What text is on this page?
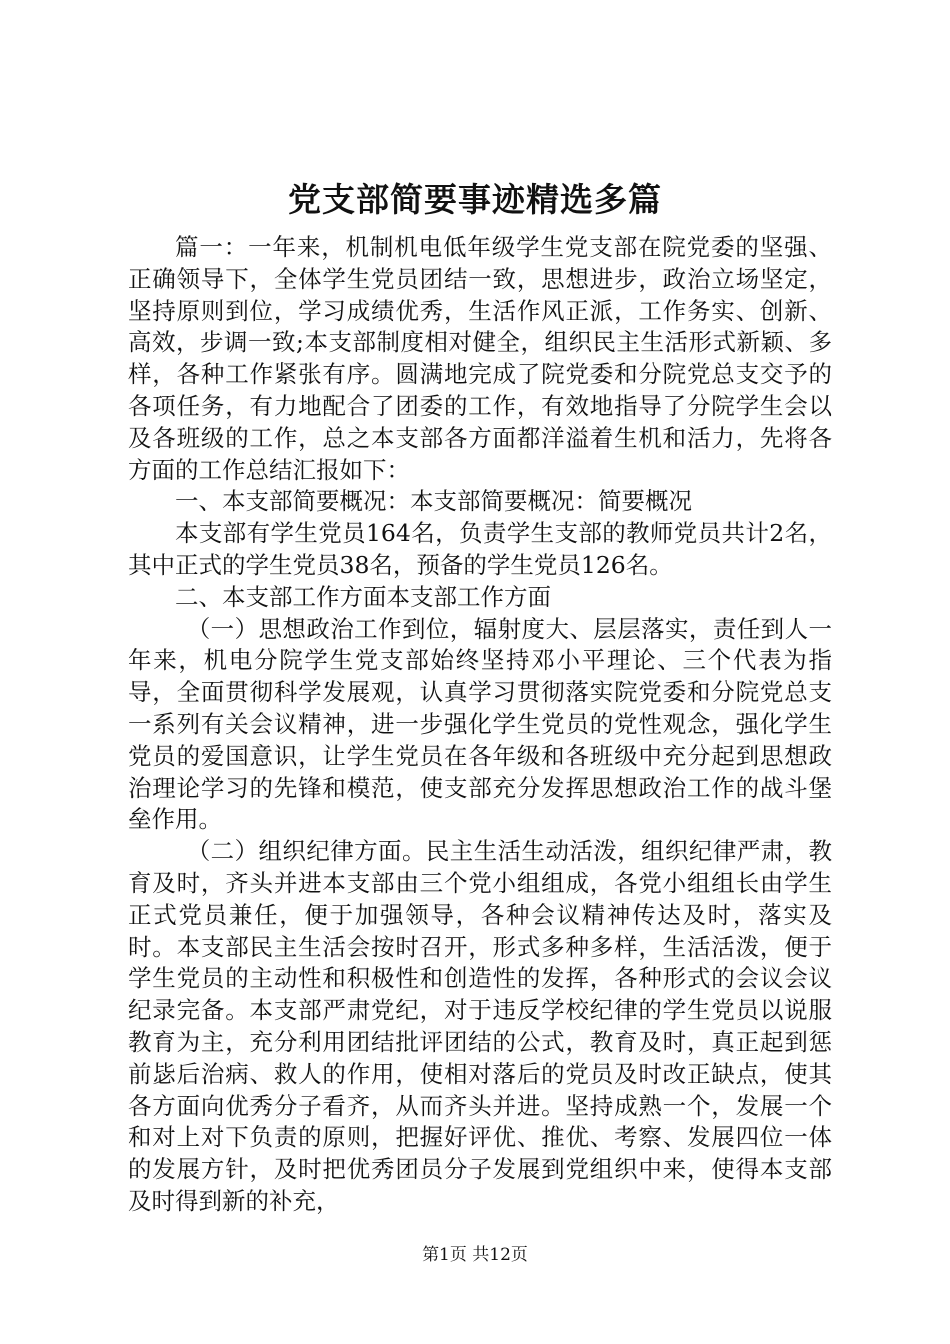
党支部简要事迹精选多篇

篇一：一年来，机制机电低年级学生党支部在院党委的坚强、正确领导下，全体学生党员团结一致，思想进步，政治立场坚定，坚持原则到位，学习成绩优秀，生活作风正派，工作务实、创新、高效，步调一致;本支部制度相对健全，组织民主生活形式新颖、多样，各种工作紧张有序。圆满地完成了院党委和分院党总支交予的各项任务，有力地配合了团委的工作，有效地指导了分院学生会以及各班级的工作，总之本支部各方面都洋溢着生机和活力，先将各方面的工作总结汇报如下：

一、本支部简要概况：本支部简要概况：简要概况

本支部有学生党员164名，负责学生支部的教师党员共计2名，其中正式的学生党员38名，预备的学生党员126名。

二、本支部工作方面本支部工作方面

（一）思想政治工作到位，辐射度大、层层落实，责任到人一年来，机电分院学生党支部始终坚持邓小平理论、三个代表为指导，全面贯彻科学发展观，认真学习贯彻落实院党委和分院党总支一系列有关会议精神，进一步强化学生党员的党性观念，强化学生党员的爱国意识，让学生党员在各年级和各班级中充分起到思想政治理论学习的先锋和模范，使支部充分发挥思想政治工作的战斗堡垒作用。

（二）组织纪律方面。民主生活生动活泼，组织纪律严肃，教育及时，齐头并进本支部由三个党小组组成，各党小组组长由学生正式党员兼任，便于加强领导，各种会议精神传达及时，落实及时。本支部民主生活会按时召开，形式多种多样，生活活泼，便于学生党员的主动性和积极性和创造性的发挥，各种形式的会议会议纪录完备。本支部严肃党纪，对于违反学校纪律的学生党员以说服教育为主，充分利用团结批评团结的公式，教育及时，真正起到惩前毖后治病、救人的作用，使相对落后的党员及时改正缺点，使其各方面向优秀分子看齐，从而齐头并进。坚持成熟一个，发展一个和对上对下负责的原则，把握好评优、推优、考察、发展四位一体的发展方针，及时把优秀团员分子发展到党组织中来，使得本支部及时得到新的补充，

第1页 共12页
